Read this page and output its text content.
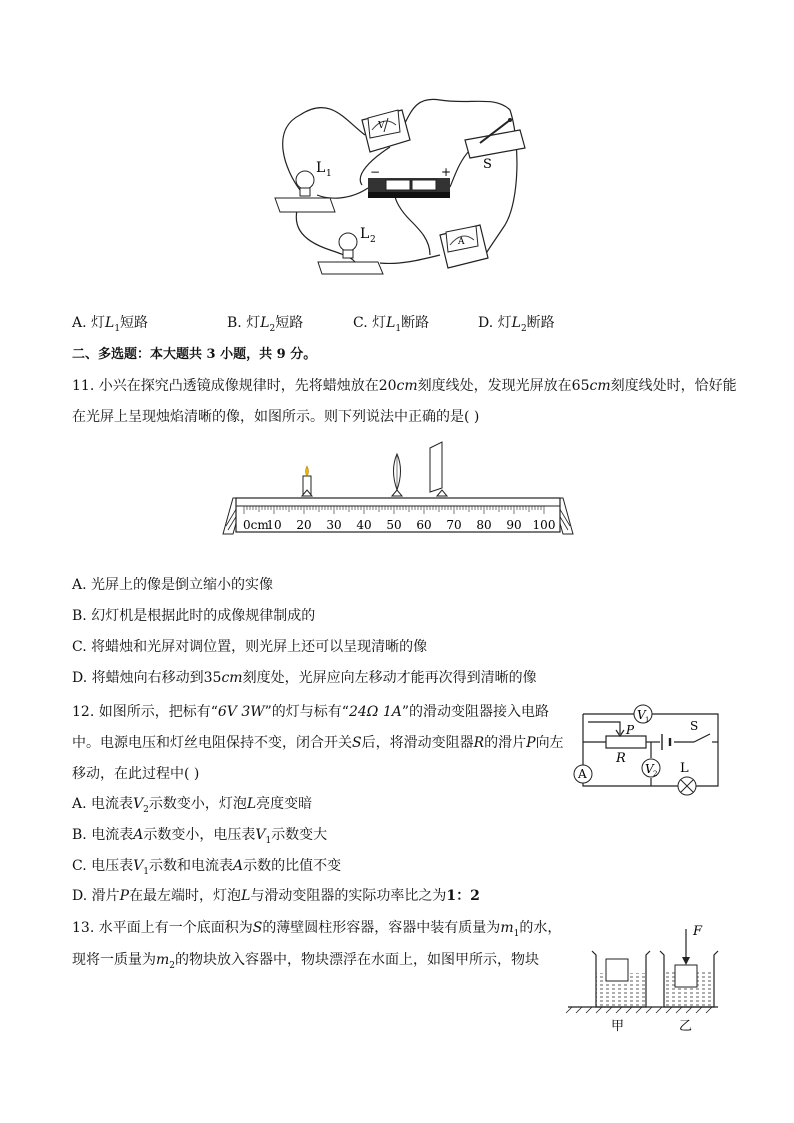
V
S
−	+
L 1
L 2	A
A. 灯$L_1$短路	B. 灯$L_2$短路	C. 灯$L_1$断路	D. 灯$L_2$断路
二、多选题：本大题共 3 小题，共 9 分。
11. 小兴在探究凸透镜成像规律时，先将蜡烛放在20cm刻度线处，发现光屏放在65cm刻度线处时，恰好能
在光屏上呈现烛焰清晰的像，如图所示。则下列说法中正确的是( )
0cm
10 20 30 40 50 60 70 80 90 100
A. 光屏上的像是倒立缩小的实像
B. 幻灯机是根据此时的成像规律制成的
C. 将蜡烛和光屏对调位置，则光屏上还可以呈现清晰的像
D. 将蜡烛向右移动到35cm刻度处，光屏应向左移动才能再次得到清晰的像
12. 如图所示，把标有“6V 3W”的灯与标有“24Ω 1A”的滑动变阻器接入电路
中。电源电压和灯丝电阻保持不变，闭合开关S后，将滑动变阻器R的滑片P向左
移动，在此过程中( )
A. 电流表$V_2$示数变小，灯泡L亮度变暗
B. 电流表A示数变小，电压表$V_1$示数变大
C. 电压表$V_1$示数和电流表A示数的比值不变
D. 滑片P在最左端时，灯泡L与滑动变阻器的实际功率比之为1：2
V 1
A	V 2 L
P
R
S
13. 水平面上有一个底面积为S的薄壁圆柱形容器，容器中装有质量为$m_1$的水，
现将一质量为$m_2$的物块放入容器中，物块漂浮在水面上，如图甲所示，物块
F
甲	乙
